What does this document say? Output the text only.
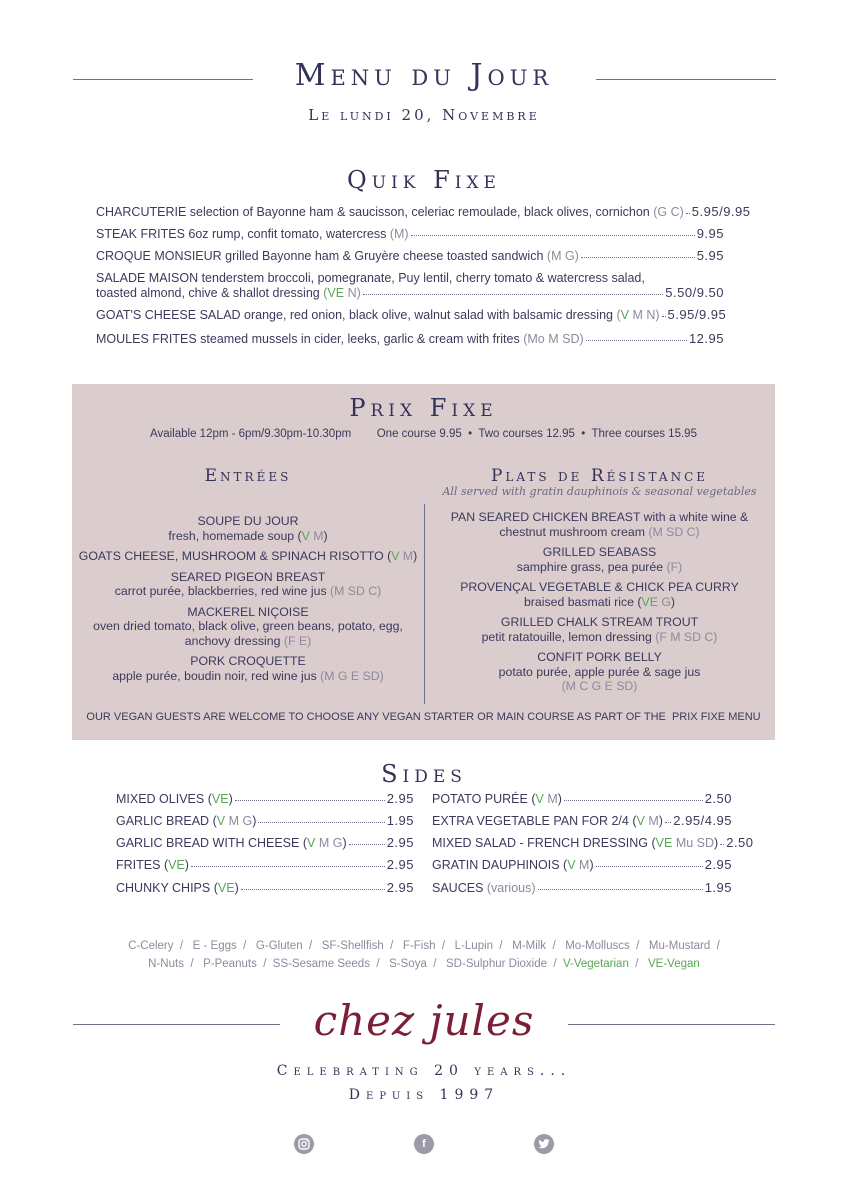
Menu du Jour
Le lundi 20, Novembre
Quik Fixe
CHARCUTERIE selection of Bayonne ham & saucisson, celeriac remoulade, black olives, cornichon
(G C) 5.95/9.95
STEAK FRITES 6oz rump, confit tomato, watercress
(M)	9.95
CROQUE MONSIEUR grilled Bayonne ham & Gruyère cheese toasted sandwich
(M G)	5.95
SALADE MAISON tenderstem broccoli, pomegranate, Puy lentil, cherry tomato & watercress salad,
toasted almond, chive & shallot dressing
(VE
N)	5.50/9.50
GOAT'S CHEESE SALAD orange, red onion, black olive, walnut salad with balsamic dressing
( V
M N) 5.95/9.95
MOULES FRITES steamed mussels in cider, leeks, garlic & cream with frites
(Mo M SD)	12.95
Prix Fixe
Available 12pm - 6pm/9.30pm-10.30pm One course 9.95  •  Two courses 12.95  •  Three courses 15.95
Entrées	Plats de Résistance
All served with gratin dauphinois & seasonal vegetables
SOUPE DU JOUR
fresh, homemade soup (V M)
GOATS CHEESE, MUSHROOM & SPINACH RISOTTO (V M)
SEARED PIGEON BREAST
carrot purée, blackberries, red wine jus (M SD C)
MACKEREL NIÇOISE
oven dried tomato, black olive, green beans, potato, egg,
anchovy dressing (F E)
PORK CROQUETTE
apple purée, boudin noir, red wine jus (M G E SD)
PAN SEARED CHICKEN BREAST with a white wine &
chestnut mushroom cream (M SD C)
GRILLED SEABASS
samphire grass, pea purée (F)
PROVENÇAL VEGETABLE & CHICK PEA CURRY
braised basmati rice (VE G)
GRILLED CHALK STREAM TROUT
petit ratatouille, lemon dressing (F M SD C)
CONFIT PORK BELLY
potato purée, apple purée & sage jus
(M C G E SD)
OUR VEGAN GUESTS ARE WELCOME TO CHOOSE ANY VEGAN STARTER OR MAIN COURSE AS PART OF THE  PRIX FIXE MENU
Sides
MIXED OLIVES
(VE)	2.95
GARLIC BREAD
(V M G)	1.95
GARLIC BREAD WITH CHEESE
(V M G)	2.95
FRITES
(VE)	2.95
CHUNKY CHIPS
(VE)	2.95
POTATO PURÉE
(V M)	2.50
EXTRA VEGETABLE PAN FOR 2/4
(V M) 2.95/4.95
MIXED SALAD - FRENCH DRESSING
(VE Mu SD) 2.50
GRATIN DAUPHINOIS
(V M)	2.95
SAUCES
(various)	1.95
C-Celery  /   E - Eggs  /   G-Gluten  /   SF-Shellfish  /   F-Fish  /   L-Lupin  /   M-Milk  /   Mo-Molluscs  /   Mu-Mustard  /
N-Nuts  /   P-Peanuts  /  SS-Sesame Seeds  /   S-Soya  /   SD-Sulphur Dioxide  /  V-Vegetarian  /   VE-Vegan
chez jules
Celebrating 20 years...
Depuis 1997
f
